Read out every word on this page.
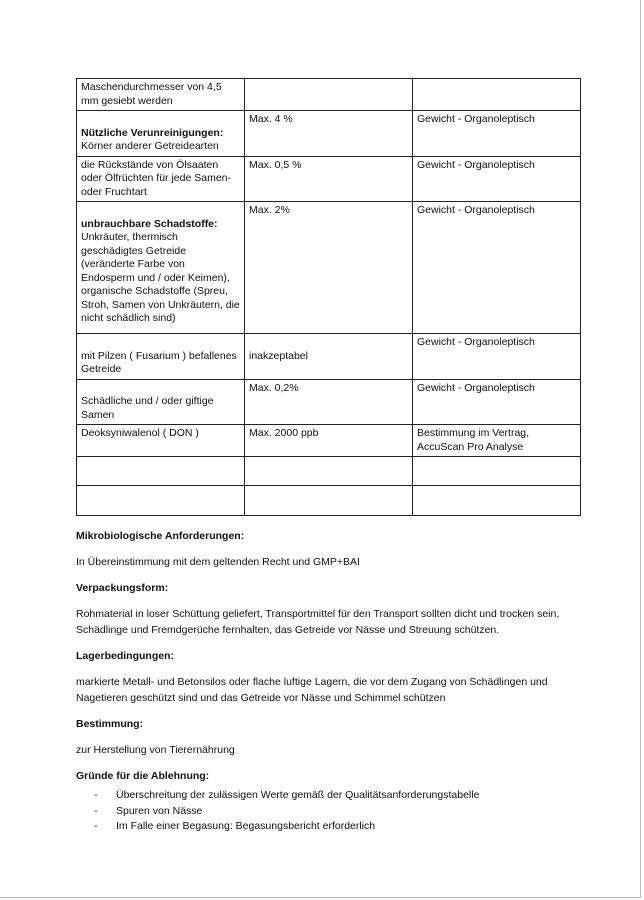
Maschendurchmesser von 4,5 mm gesiebt werden		

Nützliche Verunreinigungen:
Körner anderer Getreidearten	Max. 4 %	Gewicht - Organoleptisch
die Rückstände von Ölsaaten oder Ölfrüchten für jede Samen- oder Fruchtart	Max. 0,5 %	Gewicht - Organoleptisch

unbrauchbare Schadstoffe:
Unkräuter, thermisch geschädigtes Getreide (veränderte Farbe von Endosperm und / oder Keimen), organische Schadstoffe (Spreu, Stroh, Samen von Unkräutern, die nicht schädlich sind)	Max. 2%	Gewicht - Organoleptisch

mit Pilzen ( Fusarium ) befallenes Getreide	inakzeptabel	Gewicht - Organoleptisch

Schädliche und / oder giftige Samen	Max. 0,2%	Gewicht - Organoleptisch
Deoksyniwalenol ( DON )	Max. 2000 ppb	Bestimmung im Vertrag, AccuScan Pro Analyse

Mikrobiologische Anforderungen:

In Übereinstimmung mit dem geltenden Recht und GMP+BAI

Verpackungsform:

Rohmaterial in loser Schüttung geliefert, Transportmittel für den Transport sollten dicht und trocken sein, Schädlinge und Fremdgerüche fernhalten, das Getreide vor Nässe und Streuung schützen.

Lagerbedingungen:

markierte Metall- und Betonsilos oder flache luftige Lagern, die vor dem Zugang von Schädlingen und Nagetieren geschützt sind und das Getreide vor Nässe und Schimmel schützen

Bestimmung:

zur Herstellung von Tierernährung

Gründe für die Ablehnung:

- Überschreitung der zulässigen Werte gemäß der Qualitätsanforderungstabelle
- Spuren von Nässe
- Im Falle einer Begasung: Begasungsbericht erforderlich
